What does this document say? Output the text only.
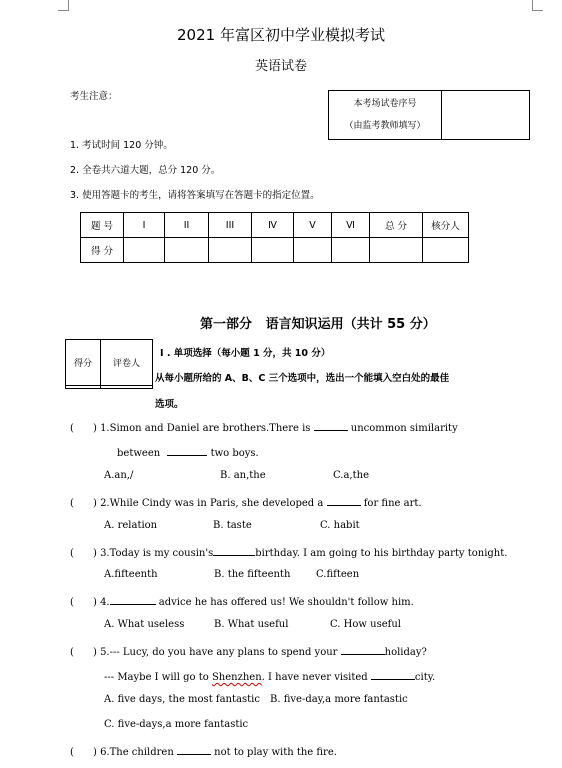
2021 年富区初中学业模拟考试
英语试卷
本考场试卷序号
（由监考教师填写）

考生注意：
1. 考试时间 120 分钟。
2. 全卷共六道大题，总分 120 分。
3. 使用答题卡的考生，请将答案填写在答题卡的指定位置。
题 号	I	II	III	Ⅳ	V	Ⅵ	总 分	核分人
得 分								
第一部分   语言知识运用（共计 55 分）
得分	评卷人

I . 单项选择（每小题 1 分，共 10 分）
从每小题所给的 A、B、C 三个选项中，选出一个能填入空白处的最佳
选项。
(      ) 1.Simon and Daniel are brothers.There is	uncommon similarity
between	two boys.
A.an,/	B. an,the	C.a,the
(      ) 2.While Cindy was in Paris, she developed a	for fine art.
A. relation	B. taste	C. habit
(      ) 3.Today is my cousin's	birthday. I am going to his birthday party tonight.
A.fifteenth	B. the fifteenth	C.fifteen
(      ) 4.	advice he has offered us! We shouldn't follow him.
A. What useless	B. What useful	C. How useful
(      ) 5.--- Lucy, do you have any plans to spend your	holiday?
--- Maybe I will go to Shenzhen. I have never visited	city.
A. five days, the most fantastic B. five-day,a more fantastic
C. five-days,a more fantastic
(      ) 6.The children	not to play with the fire.
